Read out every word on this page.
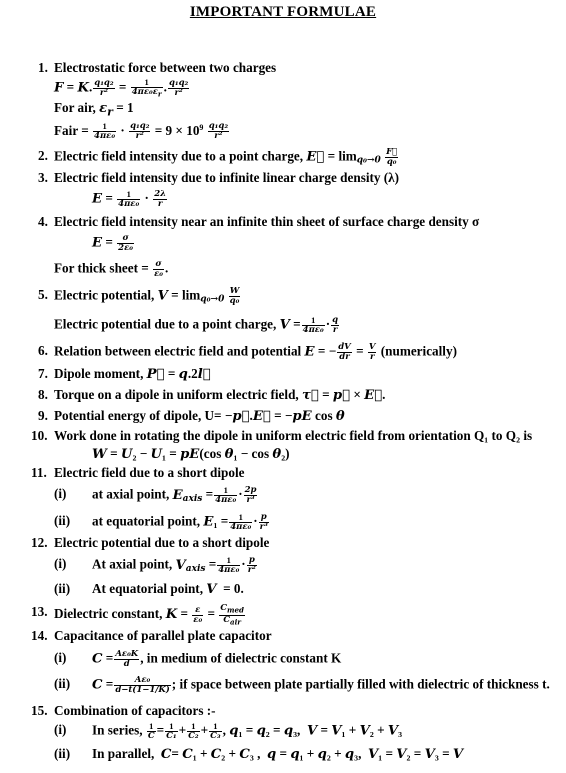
IMPORTANT FORMULAE
1. Electrostatic force between two charges
F = K. $\frac{\text{q₁q₂}}{\text{r²}} = \frac{1}{4\pi\varepsilon_0\varepsilon_r}$ . $\frac{\text{q₁q₂}}{\text{r²}}$
For air, $\varepsilon_r = 1$
Fair = $\frac{1}{\text{4πε₀}} \cdot \frac{\text{q₁q₂}}{\text{r²}} = 9 \times 10^9 \frac{\text{q₁q₂}}{\text{r²}}$
2. Electric field intensity due to a point charge, E⃗ = $\lim_{q_0\to 0} \frac{F⃗}{\text{q₀}}$
3. Electric field intensity due to infinite linear charge density (λ)
$E = \frac{1}{\text{4πε₀}} \cdot \frac{2\lambda}{r}$
4. Electric field intensity near an infinite thin sheet of surface charge density σ
$E = \frac{\sigma}{\text{2ε₀}}$
For thick sheet = $\frac{\sigma}{\text{ε₀}}$ .
5. Electric potential, $V = \lim_{q_0\to 0} \frac{W}{\text{q₀}}$
Electric potential due to a point charge, $V = \frac{1}{\text{4πε₀}} \cdot \frac{q}{r}$
6. Relation between electric field and potential E = − $\frac{dV}{dr} = \frac{V}{r}$ (numerically)
7. Dipole moment, P⃗ = q.2l⃗
8. Torque on a dipole in uniform electric field, τ⃗ = p⃗ × E⃗.
9. Potential energy of dipole, U= −p⃗.E⃗ = −pE cos θ
10. Work done in rotating the dipole in uniform electric field from orientation Q₁ to Q₂ is
W = U₂ − U₁ = pE(cos θ₁ − cos θ₂)
11. Electric field due to a short dipole
(i) at axial point, $E_{axis} = \frac{1}{\text{4πε₀}} \cdot \frac{2p}{\text{r³}}$
(ii) at equatorial point, $E_1 = \frac{1}{\text{4πε₀}} \cdot \frac{p}{\text{r³}}$
12. Electric potential due to a short dipole
(i) At axial point, $V_{axis} = \frac{1}{\text{4πε₀}} \cdot \frac{p}{\text{r²}}$
(ii) At equatorial point, V  = 0.
13. Dielectric constant, $K = \frac{\varepsilon}{\text{ε₀}} = C_{med}$
$C_{air}$
14. Capacitance of parallel plate capacitor
(i) $C = \frac{\text{Aε₀K}}{d}$ , in medium of dielectric constant K
(ii) $C = \frac{\text{Aε₀}}{d-t(1-1/K)}$ ; if space between plate partially filled with dielectric of thickness t.
15. Combination of capacitors :-
(i) In series, $\frac{1}{C} = \frac{1}{\text{C₁}} + \frac{1}{\text{C₂}} + \frac{1}{\text{C₃}}$ , q₁ = q₂ = q₃,  V = V₁ + V₂ + V₃
(ii) In parallel, C= C₁ + C₂ + C₃ ,  q = q₁ + q₂ + q₃,  V₁ = V₂ = V₃ = V
